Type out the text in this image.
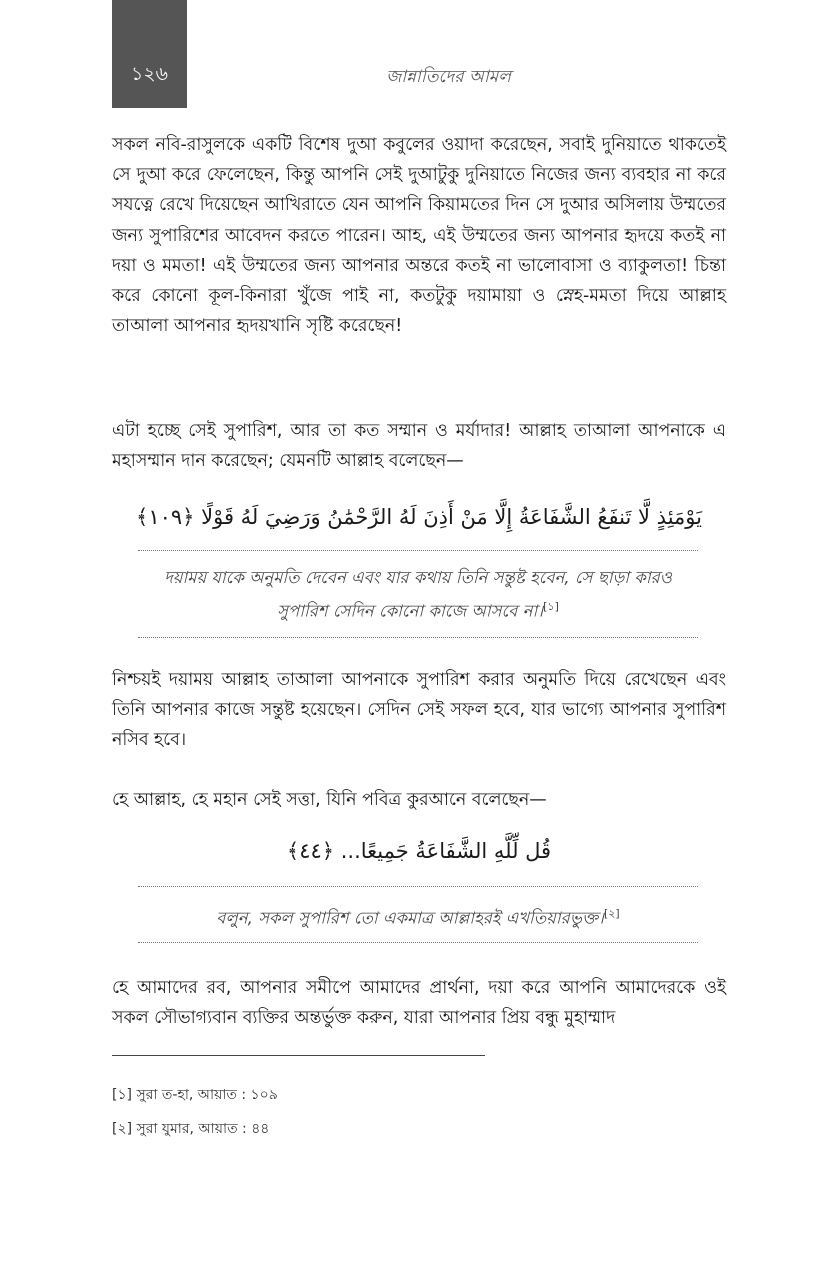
১২৬	জান্নাতিদের আমল

সকল নবি-রাসুলকে একটি বিশেষ দুআ কবুলের ওয়াদা করেছেন, সবাই দুনিয়াতে থাকতেই সে দুআ করে ফেলেছেন, কিন্তু আপনি সেই দুআটুকু দুনিয়াতে নিজের জন্য ব্যবহার না করে সযত্নে রেখে দিয়েছেন আখিরাতে যেন আপনি কিয়ামতের দিন সে দুআর অসিলায় উম্মতের জন্য সুপারিশের আবেদন করতে পারেন। আহ, এই উম্মতের জন্য আপনার হৃদয়ে কতই না দয়া ও মমতা! এই উম্মতের জন্য আপনার অন্তরে কতই না ভালোবাসা ও ব্যাকুলতা! চিন্তা করে কোনো কূল-কিনারা খুঁজে পাই না, কতটুকু দয়ামায়া ও স্নেহ-মমতা দিয়ে আল্লাহ তাআলা আপনার হৃদয়খানি সৃষ্টি করেছেন!

এটা হচ্ছে সেই সুপারিশ, আর তা কত সম্মান ও মর্যাদার! আল্লাহ তাআলা আপনাকে এ মহাসম্মান দান করেছেন; যেমনটি আল্লাহ বলেছেন—

يَوْمَئِذٍ لَّا تَنفَعُ الشَّفَاعَةُ إِلَّا مَنْ أَذِنَ لَهُ الرَّحْمَٰنُ وَرَضِيَ لَهُ قَوْلًا ﴿١٠٩﴾
দয়াময় যাকে অনুমতি দেবেন এবং যার কথায় তিনি সন্তুষ্ট হবেন, সে ছাড়া কারও সুপারিশ সেদিন কোনো কাজে আসবে না।[১]

নিশ্চয়ই দয়াময় আল্লাহ তাআলা আপনাকে সুপারিশ করার অনুমতি দিয়ে রেখেছেন এবং তিনি আপনার কাজে সন্তুষ্ট হয়েছেন। সেদিন সেই সফল হবে, যার ভাগ্যে আপনার সুপারিশ নসিব হবে।

হে আল্লাহ, হে মহান সেই সত্তা, যিনি পবিত্র কুরআনে বলেছেন—

قُل لِّلَّهِ الشَّفَاعَةُ جَمِيعًا... ﴿٤٤﴾
বলুন, সকল সুপারিশ তো একমাত্র আল্লাহরই এখতিয়ারভুক্ত।[২]

হে আমাদের রব, আপনার সমীপে আমাদের প্রার্থনা, দয়া করে আপনি আমাদেরকে ওই সকল সৌভাগ্যবান ব্যক্তির অন্তর্ভুক্ত করুন, যারা আপনার প্রিয় বন্ধু মুহাম্মাদ

[১] সুরা ত-হা, আয়াত : ১০৯
[২] সুরা যুমার, আয়াত : ৪৪
